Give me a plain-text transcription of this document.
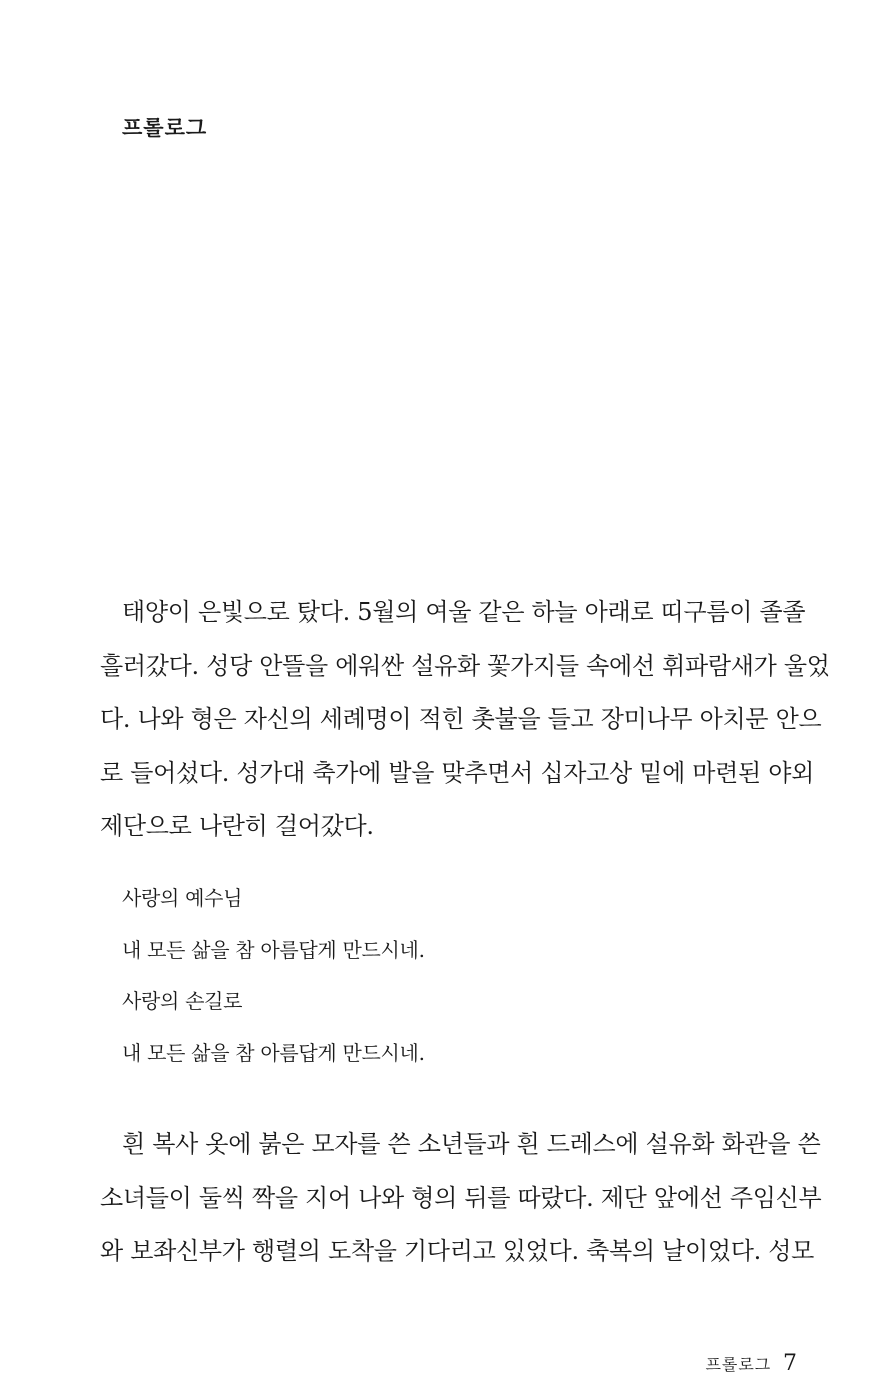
프롤로그

태양이 은빛으로 탔다. 5월의 여울 같은 하늘 아래로 띠구름이 졸졸
흘러갔다. 성당 안뜰을 에워싼 설유화 꽃가지들 속에선 휘파람새가 울었
다. 나와 형은 자신의 세례명이 적힌 촛불을 들고 장미나무 아치문 안으
로 들어섰다. 성가대 축가에 발을 맞추면서 십자고상 밑에 마련된 야외
제단으로 나란히 걸어갔다.

사랑의 예수님
내 모든 삶을 참 아름답게 만드시네.
사랑의 손길로
내 모든 삶을 참 아름답게 만드시네.

흰 복사 옷에 붉은 모자를 쓴 소년들과 흰 드레스에 설유화 화관을 쓴
소녀들이 둘씩 짝을 지어 나와 형의 뒤를 따랐다. 제단 앞에선 주임신부
와 보좌신부가 행렬의 도착을 기다리고 있었다. 축복의 날이었다. 성모

프롤로그 7
